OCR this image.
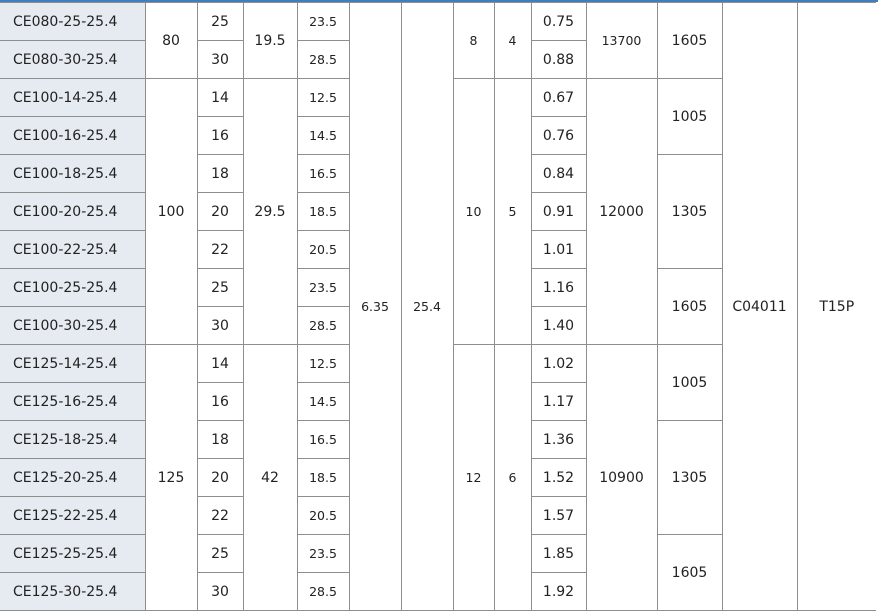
CE080-25-25.4	80	25	19.5	23.5	6.35	25.4	8	4	0.75	13700	1605	C04011	T15P
CE080-30-25.4		30		28.5					0.88				
CE100-14-25.4	100	14	29.5	12.5			10	5	0.67	12000	1005		
CE100-16-25.4		16		14.5					0.76				
CE100-18-25.4		18		16.5					0.84		1305		
CE100-20-25.4		20		18.5					0.91				
CE100-22-25.4		22		20.5					1.01				
CE100-25-25.4		25		23.5					1.16		1605		
CE100-30-25.4		30		28.5					1.40				
CE125-14-25.4	125	14	42	12.5			12	6	1.02	10900	1005		
CE125-16-25.4		16		14.5					1.17				
CE125-18-25.4		18		16.5					1.36		1305		
CE125-20-25.4		20		18.5					1.52				
CE125-22-25.4		22		20.5					1.57				
CE125-25-25.4		25		23.5					1.85		1605		
CE125-30-25.4		30		28.5					1.92				
